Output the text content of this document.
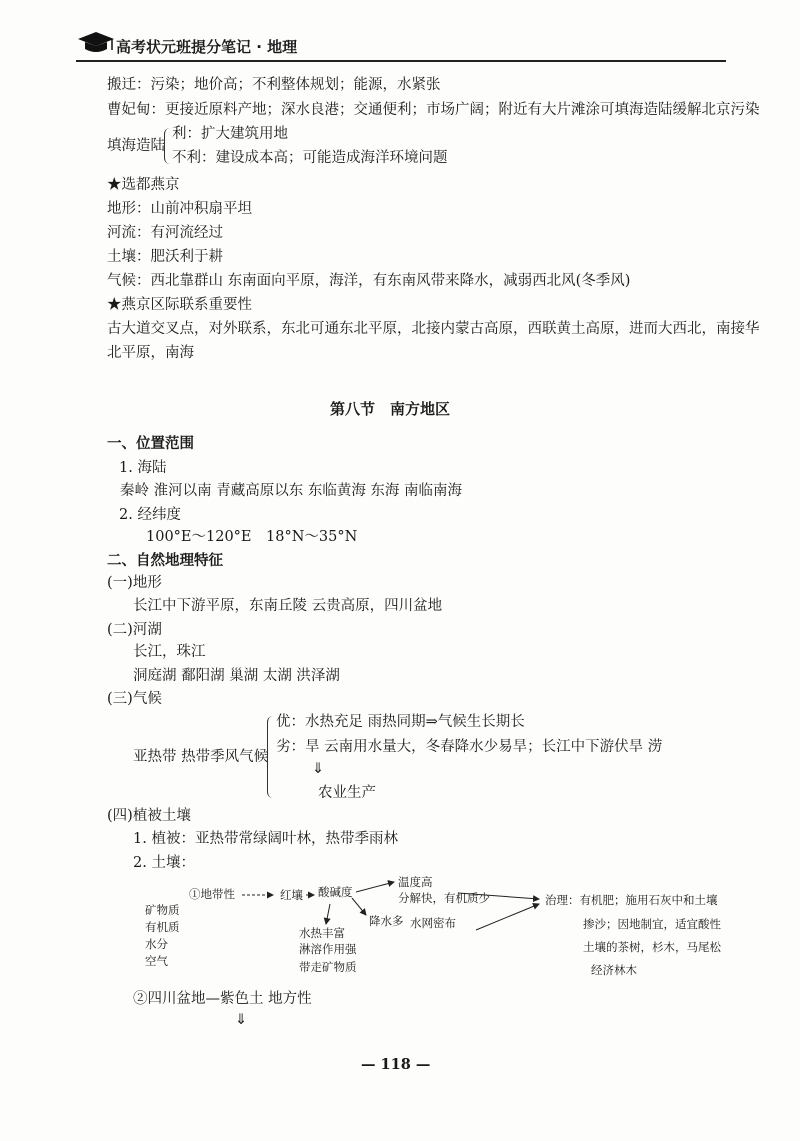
高考状元班提分笔记 · 地理
搬迁：污染；地价高；不利整体规划；能源，水紧张
曹妃甸：更接近原料产地；深水良港；交通便利；市场广阔；附近有大片滩涂可填海造陆缓解北京污染
填海造陆
利：扩大建筑用地
不利：建设成本高；可能造成海洋环境问题
★选都燕京
地形：山前冲积扇平坦
河流：有河流经过
土壤：肥沃利于耕
气候：西北靠群山 东南面向平原，海洋，有东南风带来降水，减弱西北风(冬季风)
★燕京区际联系重要性
古大道交叉点，对外联系，东北可通东北平原，北接内蒙古高原，西联黄土高原，进而大西北，南接华
北平原，南海
第八节　南方地区
一、位置范围
1. 海陆
秦岭 淮河以南 青藏高原以东 东临黄海 东海 南临南海
2. 经纬度
100°E～120°E　18°N～35°N
二、自然地理特征
(一)地形
长江中下游平原，东南丘陵 云贵高原，四川盆地
(二)河湖
长江，珠江
洞庭湖 鄱阳湖 巢湖 太湖 洪泽湖
(三)气候
亚热带 热带季风气候
优：水热充足 雨热同期⇒气候生长期长
劣：旱 云南用水量大，冬春降水少易旱；长江中下游伏旱 涝
⇓
农业生产
(四)植被土壤
1. 植被：亚热带常绿阔叶林，热带季雨林
2. 土壤：
①地带性	红壤 酸碱度
温度高
分解快，有机质少
降水多 水网密布
水热丰富
淋溶作用强
带走矿物质
矿物质
有机质
水分
空气
治理：有机肥；施用石灰中和土壤
掺沙；因地制宜，适宜酸性
土壤的茶树，杉木，马尾松
经济林木
②四川盆地—紫色土 地方性
⇓
— 118 —
